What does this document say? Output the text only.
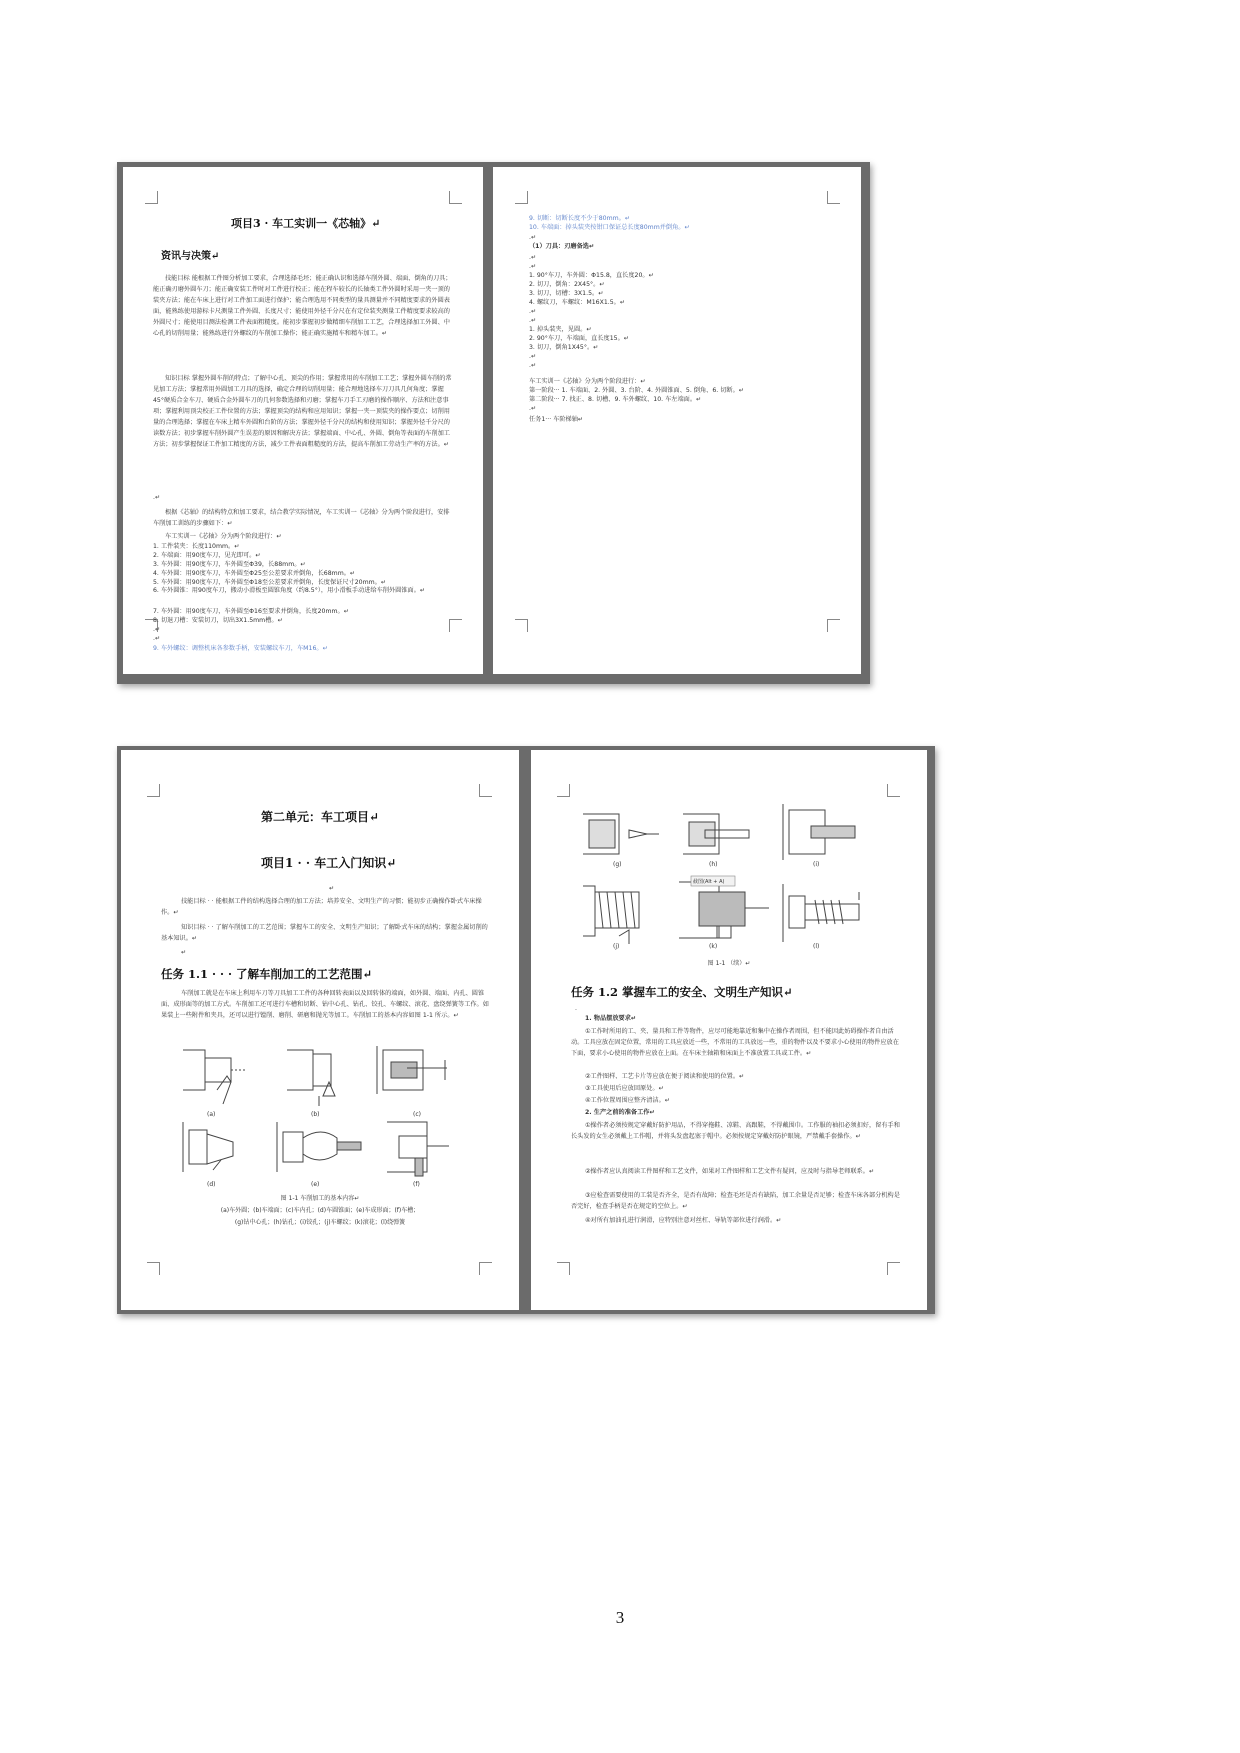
项目3 · 车工实训一《芯轴》↵
资讯与决策↵

技能目标 能根据工件图分析加工要求，合理选择毛坯；能正确认识和选择车削外圆、端面、倒角的刀具；能正确刃磨外圆车刀；能正确安装工件时对工件进行校正；能在程车较长的长轴类工件外圆时采用一夹一顶的装夹方法；能在车床上进行对工件加工面进行保护；能合理选用不同类型的量具测量并不同精度要求的外圆表面，能熟练使用游标卡尺测量工件外圆、长度尺寸；能使用外径千分尺在有定位装夹测量工件精度要求较高的外圆尺寸；能使用目测法检测工件表面粗糙度。能初步掌握初步做精细车削加工工艺，合理选择加工外圆、中心孔的切削用量；能熟练进行外螺纹的车削加工操作；能正确实施精车和精车加工。↵

知识目标 掌握外圆车削的特点；了解中心孔、顶尖的作用；掌握常用的车削加工工艺；掌握外圆车削的常见加工方法；掌握常用外圆加工刀具的选择，确定合理的切削用量；能合理地选择车刀刀具几何角度；掌握45°硬质合金车刀、硬质合金外圆车刀的几何参数选择和刃磨；掌握车刀手工刃磨的操作顺序、方法和注意事项；掌握利用顶尖校正工件位置的方法；掌握顶尖的结构和应用知识；掌握一夹一顶装夹的操作要点；切削用量的合理选择；掌握在车床上精车外圆和台阶的方法；掌握外径千分尺的结构和使用知识；掌握外径千分尺的读数方法；初步掌握车削外圆产生误差的原因和解决方法；掌握端面、中心孔、外圆、倒角等表面的车削加工方法；初步掌握保证工件加工精度的方法，减少工件表面粗糙度的方法，提高车削加工劳动生产率的方法。↵

.↵

根据《芯轴》的结构特点和加工要求，结合教学实际情况，车工实训一《芯轴》分为两个阶段进行，安排车削加工训练的步骤如下：↵

车工实训一《芯轴》分为两个阶段进行：↵
1. 工件装夹：长度110mm。↵
2. 车端面：用90度车刀，见光即可。↵
3. 车外圆：用90度车刀，车外圆至Φ39，长88mm。↵
4. 车外圆：用90度车刀，车外圆至Φ25至公差要求并倒角，长68mm。↵
5. 车外圆：用90度车刀，车外圆至Φ18至公差要求并倒角，长度保证尺寸20mm。↵

6. 车外圆锥：用90度车刀，搬动小滑板至圆锥角度（约8.5°），用小滑板手动进给车削外圆锥面。↵

7. 车外圆：用90度车刀，车外圆至Φ16至要求并倒角，长度20mm。↵
8. 切退刀槽：安装切刀，切出3X1.5mm槽。↵
.↵
.↵
9. 车外螺纹：调整机床各参数手柄，安装螺纹车刀，车M16。↵
9. 切断：切断长度不少于80mm。↵
10. 车端面：掉头装夹按钳口保证总长度80mm并倒角。↵
.↵
（1）刀具：刃磨备选↵
.↵
.↵
1. 90°车刀，车外圆：Φ15.8，直长度20。↵
2. 切刀，倒角：2X45°。↵
3. 切刀，切槽：3X1.5。↵
4. 螺纹刀，车螺纹：M16X1.5。↵
.↵
.↵
1. 掉头装夹，见圆。↵
2. 90°车刀，车端面，直长度15。↵
3. 切刀，倒角1X45°。↵
.↵
.↵
车工实训一《芯轴》分为两个阶段进行：↵
第一阶段··· 1. 车端面、2. 外圆、3. 台阶、4. 外圆锥面、5. 倒角、6. 切断。↵
第二阶段··· 7. 找正、8. 切槽、9. 车外螺纹、10. 车左端面。↵
.↵
任务1··· 车阶梯轴↵
第二单元：车工项目↵
项目1 · · 车工入门知识↵
↵

技能目标 · · 能根据工件的结构选择合理的加工方法；培养安全、文明生产的习惯；能初步正确操作卧式车床操作。↵

知识目标 · · 了解车削加工的工艺范围；掌握车工的安全、文明生产知识；了解卧式车床的结构；掌握金属切削的基本知识。↵

↵
任务 1.1 · · · 了解车削加工的工艺范围↵

车削加工就是在车床上利用车刀等刀具加工工件的各种回转表面以及回转体的端面，如外圆、端面、内孔、圆锥面、成形面等的加工方式。车削加工还可进行车槽和切断、钻中心孔、钻孔、铰孔、车螺纹、滚花、盘绕弹簧等工作。如果装上一些附件和夹具，还可以进行镗削、磨削、研磨和抛光等加工。车削加工的基本内容如图 1-1 所示。↵

(a)	(b)	(c)
(d)	(e)	(f)
图 1-1 车削加工的基本内容↵
(a)车外圆；(b)车端面；(c)车内孔；(d)车圆锥面；(e)车成形面；(f)车槽；
(g)钻中心孔；(h)钻孔；(i)铰孔；(j)车螺纹；(k)滚花；(l)绕弹簧
截图(Alt + A)
(g)	(h)	(i)
(j)	(k)	(l)
图 1-1 （续）↵
任务 1.2 掌握车工的安全、文明生产知识↵
.
1. 物品摆放要求↵

①工作时所用的工、夹、量具和工件等物件，应尽可能地靠近和集中在操作者周围，但不能因此妨碍操作者自由活动。工具应放在固定位置，常用的工具应放近一些，不常用的工具放远一些，重的物件以及不要求小心使用的物件应放在下面，要求小心使用的物件应放在上面。在车床主轴箱和床面上不准放置工具或工件。↵

②工件图样、工艺卡片等应放在便于阅读和使用的位置。↵
③工具使用后应放回原处。↵
④工作位置周围应整齐清洁。↵
2. 生产之前的准备工作↵

①操作者必须按规定穿戴好防护用品，不得穿拖鞋、凉鞋、高跟鞋，不得戴围巾。工作服的袖扣必须扣好，留有手和长头发的女生必须戴上工作帽，并将头发盘起塞于帽中。必须按规定穿戴好防护眼镜，严禁戴手套操作。↵

②操作者应认真阅读工件图样和工艺文件，如果对工件图样和工艺文件有疑问，应及时与指导老师联系。↵

③应检查需要使用的工装是否齐全，是否有故障；检查毛坯是否有缺陷，加工余量是否足够；检查车床各部分机构是否完好，检查手柄是否在规定的空位上。↵

④对所有加油孔进行润滑，应特别注意对丝杠、导轨等部位进行润滑。↵
3
